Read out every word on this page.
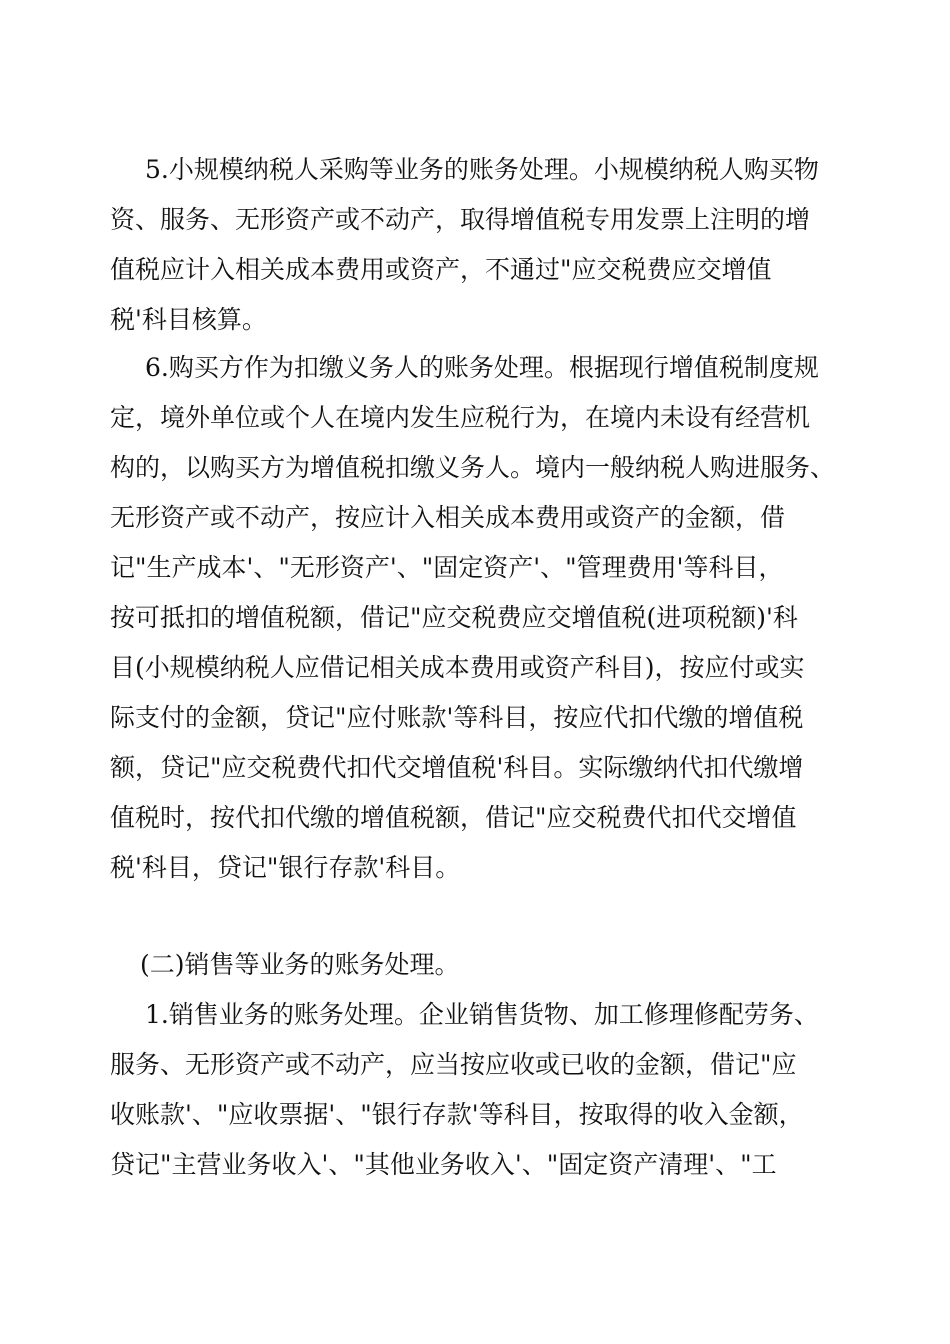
5.小规模纳税人采购等业务的账务处理。小规模纳税人购买物
资、服务、无形资产或不动产，取得增值税专用发票上注明的增
值税应计入相关成本费用或资产，不通过"应交税费应交增值
税'科目核算。
6.购买方作为扣缴义务人的账务处理。根据现行增值税制度规
定，境外单位或个人在境内发生应税行为，在境内未设有经营机
构的，以购买方为增值税扣缴义务人。境内一般纳税人购进服务、
无形资产或不动产，按应计入相关成本费用或资产的金额，借
记"生产成本'、"无形资产'、"固定资产'、"管理费用'等科目，
按可抵扣的增值税额，借记"应交税费应交增值税(进项税额)'科
目(小规模纳税人应借记相关成本费用或资产科目)，按应付或实
际支付的金额，贷记"应付账款'等科目，按应代扣代缴的增值税
额，贷记"应交税费代扣代交增值税'科目。实际缴纳代扣代缴增
值税时，按代扣代缴的增值税额，借记"应交税费代扣代交增值
税'科目，贷记"银行存款'科目。
(二)销售等业务的账务处理。
1.销售业务的账务处理。企业销售货物、加工修理修配劳务、
服务、无形资产或不动产，应当按应收或已收的金额，借记"应
收账款'、"应收票据'、"银行存款'等科目，按取得的收入金额，
贷记"主营业务收入'、"其他业务收入'、"固定资产清理'、"工
